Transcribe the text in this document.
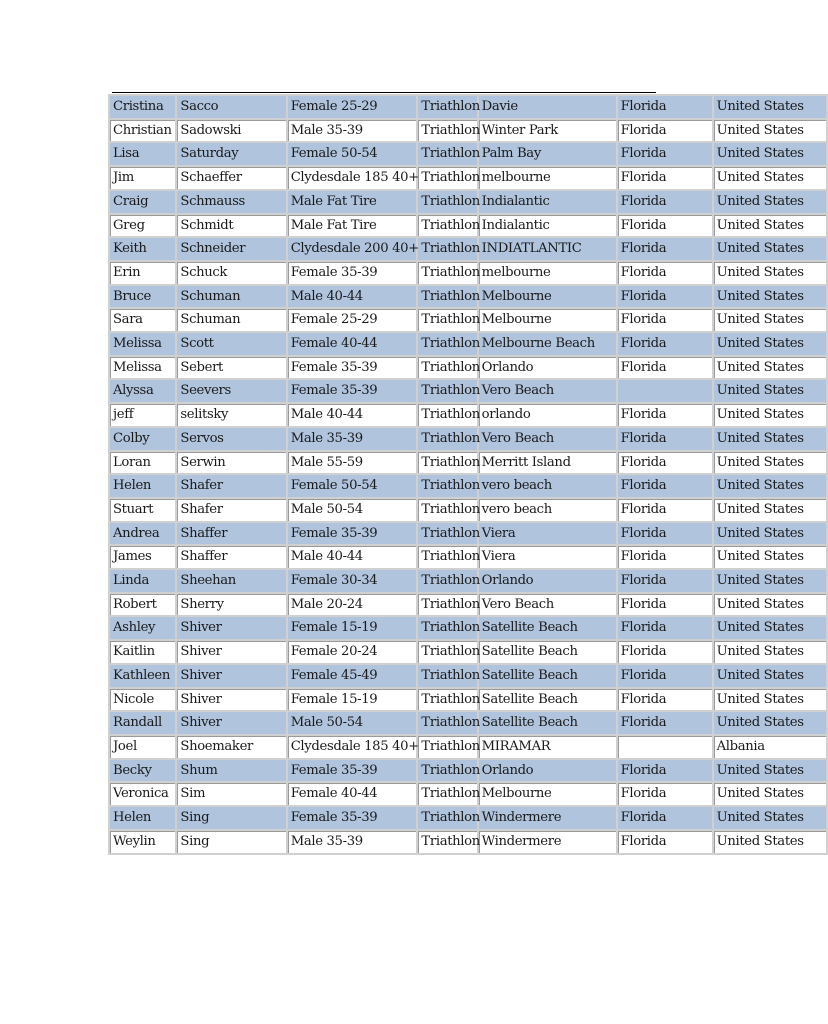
Cristina	Sacco	Female 25-29	Triathlon	Davie	Florida	United States
Christian	Sadowski	Male 35-39	Triathlon	Winter Park	Florida	United States
Lisa	Saturday	Female 50-54	Triathlon	Palm Bay	Florida	United States
Jim	Schaeffer	Clydesdale 185 40+	Triathlon	melbourne	Florida	United States
Craig	Schmauss	Male Fat Tire	Triathlon	Indialantic	Florida	United States
Greg	Schmidt	Male Fat Tire	Triathlon	Indialantic	Florida	United States
Keith	Schneider	Clydesdale 200 40+	Triathlon	INDIATLANTIC	Florida	United States
Erin	Schuck	Female 35-39	Triathlon	melbourne	Florida	United States
Bruce	Schuman	Male 40-44	Triathlon	Melbourne	Florida	United States
Sara	Schuman	Female 25-29	Triathlon	Melbourne	Florida	United States
Melissa	Scott	Female 40-44	Triathlon	Melbourne Beach	Florida	United States
Melissa	Sebert	Female 35-39	Triathlon	Orlando	Florida	United States
Alyssa	Seevers	Female 35-39	Triathlon	Vero Beach		United States
jeff	selitsky	Male 40-44	Triathlon	orlando	Florida	United States
Colby	Servos	Male 35-39	Triathlon	Vero Beach	Florida	United States
Loran	Serwin	Male 55-59	Triathlon	Merritt Island	Florida	United States
Helen	Shafer	Female 50-54	Triathlon	vero beach	Florida	United States
Stuart	Shafer	Male 50-54	Triathlon	vero beach	Florida	United States
Andrea	Shaffer	Female 35-39	Triathlon	Viera	Florida	United States
James	Shaffer	Male 40-44	Triathlon	Viera	Florida	United States
Linda	Sheehan	Female 30-34	Triathlon	Orlando	Florida	United States
Robert	Sherry	Male 20-24	Triathlon	Vero Beach	Florida	United States
Ashley	Shiver	Female 15-19	Triathlon	Satellite Beach	Florida	United States
Kaitlin	Shiver	Female 20-24	Triathlon	Satellite Beach	Florida	United States
Kathleen	Shiver	Female 45-49	Triathlon	Satellite Beach	Florida	United States
Nicole	Shiver	Female 15-19	Triathlon	Satellite Beach	Florida	United States
Randall	Shiver	Male 50-54	Triathlon	Satellite Beach	Florida	United States
Joel	Shoemaker	Clydesdale 185 40+	Triathlon	MIRAMAR		Albania
Becky	Shum	Female 35-39	Triathlon	Orlando	Florida	United States
Veronica	Sim	Female 40-44	Triathlon	Melbourne	Florida	United States
Helen	Sing	Female 35-39	Triathlon	Windermere	Florida	United States
Weylin	Sing	Male 35-39	Triathlon	Windermere	Florida	United States
